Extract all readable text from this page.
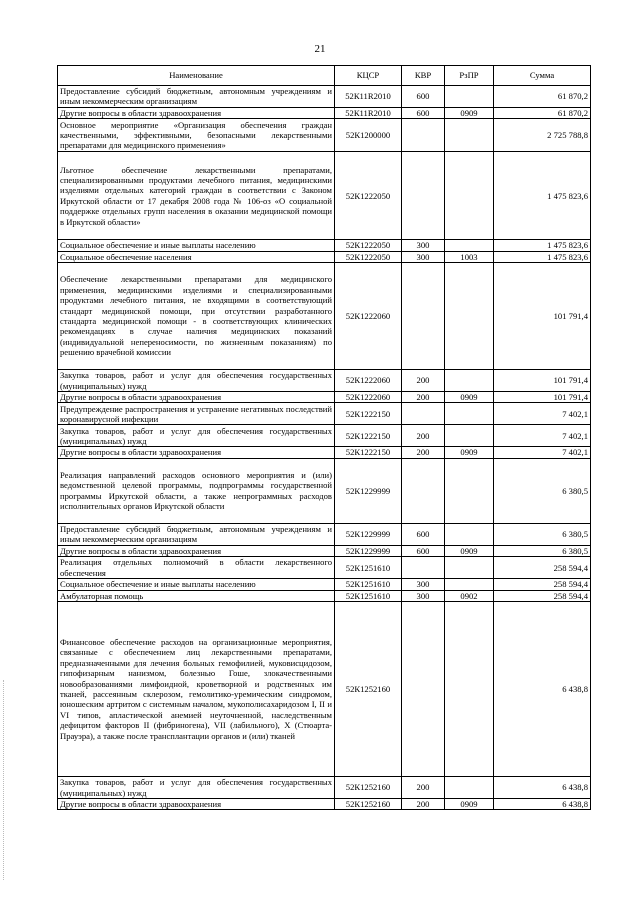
21
Наименование	КЦСР	КВР	РзПР	Сумма
Предоставление субсидий бюджетным, автономным учреждениям и иным некоммерческим организациям	52К11R2010	600		61 870,2
Другие вопросы в области здравоохранения	52К11R2010	600	0909	61 870,2
Основное мероприятие «Организация обеспечения граждан качественными, эффективными, безопасными лекарственными препаратами для медицинского применения»	52К1200000			2 725 788,8
Льготное обеспечение лекарственными препаратами, специализированными продуктами лечебного питания, медицинскими изделиями отдельных категорий граждан в соответствии с Законом Иркутской области от 17 декабря 2008 года № 106-оз «О социальной поддержке отдельных групп населения в оказании медицинской помощи в Иркутской области»	52К1222050			1 475 823,6
Социальное обеспечение и иные выплаты населению	52К1222050	300		1 475 823,6
Социальное обеспечение населения	52К1222050	300	1003	1 475 823,6
Обеспечение лекарственными препаратами для медицинского применения, медицинскими изделиями и специализированными продуктами лечебного питания, не входящими в соответствующий стандарт медицинской помощи, при отсутствии разработанного стандарта медицинской помощи - в соответствующих клинических рекомендациях в случае наличия медицинских показаний (индивидуальной непереносимости, по жизненным показаниям) по решению врачебной комиссии	52К1222060			101 791,4
Закупка товаров, работ и услуг для обеспечения государственных (муниципальных) нужд	52К1222060	200		101 791,4
Другие вопросы в области здравоохранения	52К1222060	200	0909	101 791,4
Предупреждение распространения и устранение негативных последствий коронавирусной инфекции	52К1222150			7 402,1
Закупка товаров, работ и услуг для обеспечения государственных (муниципальных) нужд	52К1222150	200		7 402,1
Другие вопросы в области здравоохранения	52К1222150	200	0909	7 402,1
Реализация направлений расходов основного мероприятия и (или) ведомственной целевой программы, подпрограммы государственной программы Иркутской области, а также непрограммных расходов исполнительных органов Иркутской области	52К1229999			6 380,5
Предоставление субсидий бюджетным, автономным учреждениям и иным некоммерческим организациям	52К1229999	600		6 380,5
Другие вопросы в области здравоохранения	52К1229999	600	0909	6 380,5
Реализация отдельных полномочий в области лекарственного обеспечения	52К1251610			258 594,4
Социальное обеспечение и иные выплаты населению	52К1251610	300		258 594,4
Амбулаторная помощь	52К1251610	300	0902	258 594,4
Финансовое обеспечение расходов на организационные мероприятия, связанные с обеспечением лиц лекарственными препаратами, предназначенными для лечения больных гемофилией, муковисцидозом, гипофизарным нанизмом, болезнью Гоше, злокачественными новообразованиями лимфоидной, кроветворной и родственных им тканей, рассеянным склерозом, гемолитико-уремическим синдромом, юношеским артритом с системным началом, мукополисахаридозом I, II и VI типов, апластической анемией неуточненной, наследственным дефицитом факторов II (фибриногена), VII (лабильного), X (Стюарта-Прауэра), а также после трансплантации органов и (или) тканей	52К1252160			6 438,8
Закупка товаров, работ и услуг для обеспечения государственных (муниципальных) нужд	52К1252160	200		6 438,8
Другие вопросы в области здравоохранения	52К1252160	200	0909	6 438,8
